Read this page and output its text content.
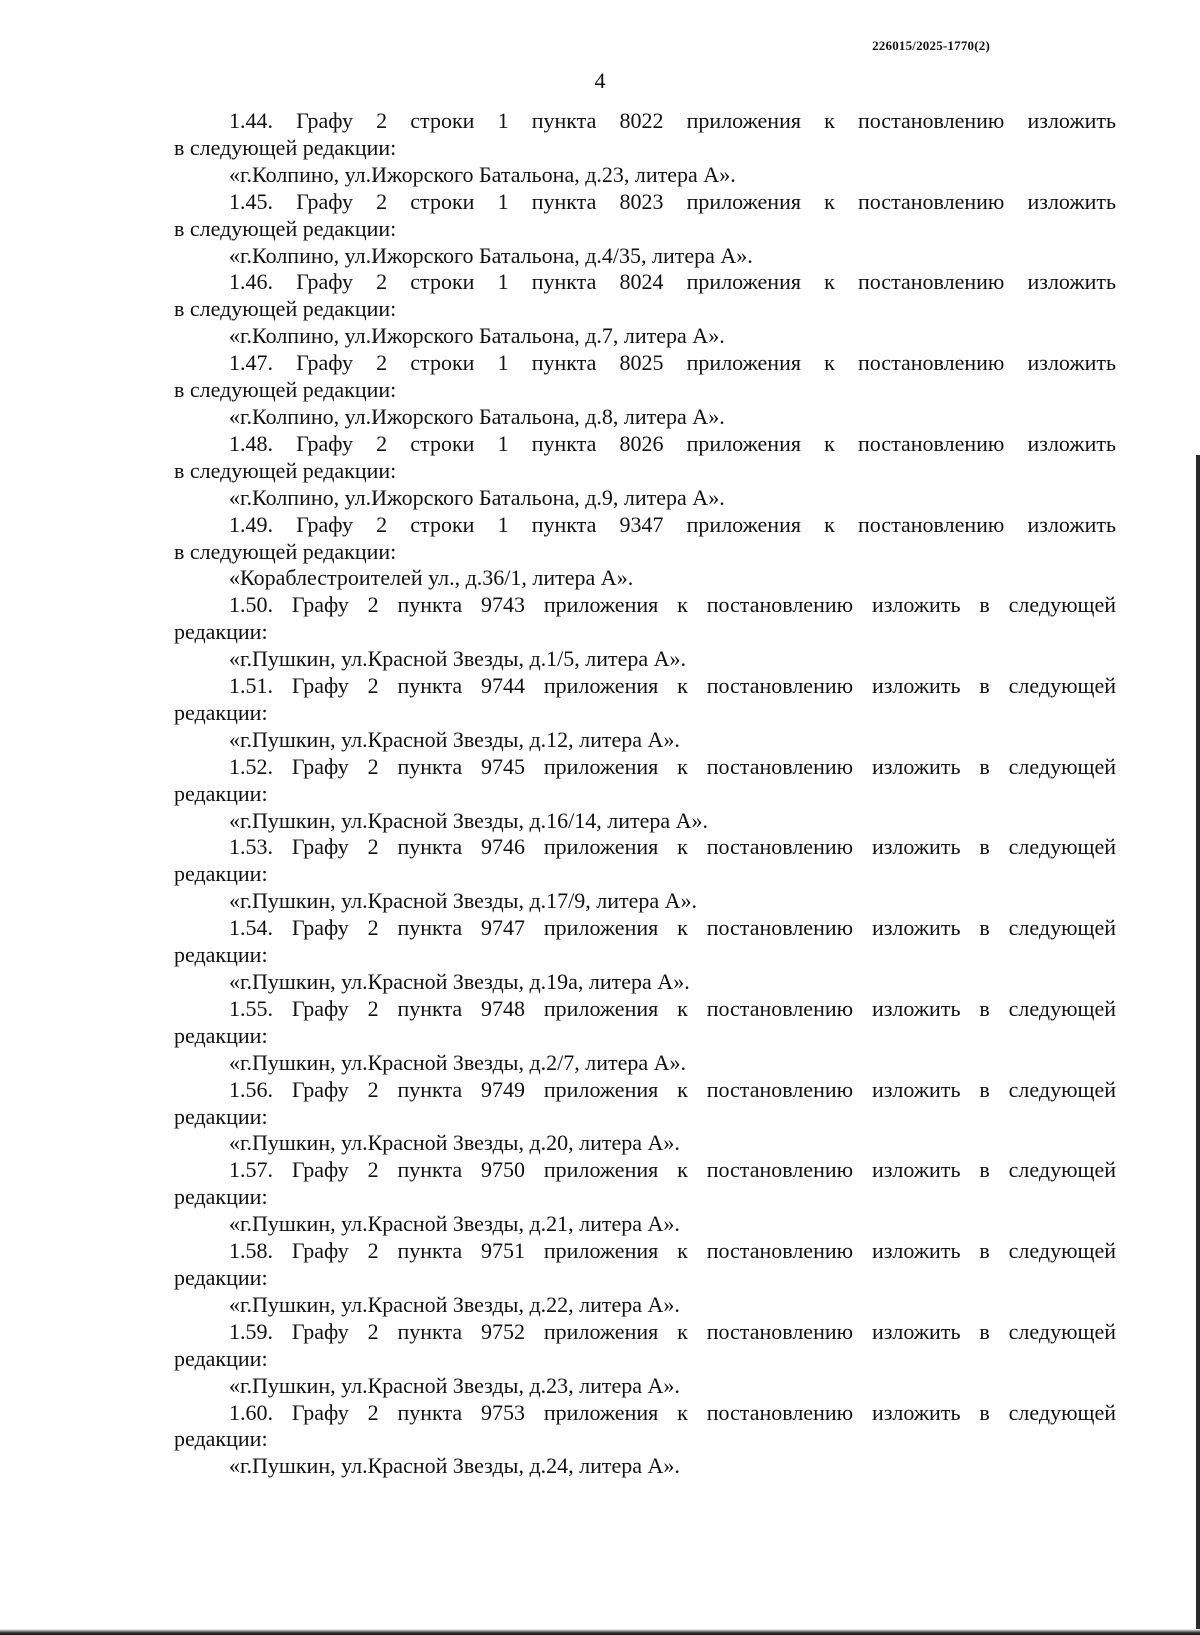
226015/2025-1770(2)
4
1.44. Графу 2 строки 1 пункта 8022 приложения к постановлению изложить
в следующей редакции:
«г.Колпино, ул.Ижорского Батальона, д.23, литера А».
1.45. Графу 2 строки 1 пункта 8023 приложения к постановлению изложить
в следующей редакции:
«г.Колпино, ул.Ижорского Батальона, д.4/35, литера А».
1.46. Графу 2 строки 1 пункта 8024 приложения к постановлению изложить
в следующей редакции:
«г.Колпино, ул.Ижорского Батальона, д.7, литера А».
1.47. Графу 2 строки 1 пункта 8025 приложения к постановлению изложить
в следующей редакции:
«г.Колпино, ул.Ижорского Батальона, д.8, литера А».
1.48. Графу 2 строки 1 пункта 8026 приложения к постановлению изложить
в следующей редакции:
«г.Колпино, ул.Ижорского Батальона, д.9, литера А».
1.49. Графу 2 строки 1 пункта 9347 приложения к постановлению изложить
в следующей редакции:
«Кораблестроителей ул., д.36/1, литера А».
1.50. Графу 2 пункта 9743 приложения к постановлению изложить в следующей
редакции:
«г.Пушкин, ул.Красной Звезды, д.1/5, литера А».
1.51. Графу 2 пункта 9744 приложения к постановлению изложить в следующей
редакции:
«г.Пушкин, ул.Красной Звезды, д.12, литера А».
1.52. Графу 2 пункта 9745 приложения к постановлению изложить в следующей
редакции:
«г.Пушкин, ул.Красной Звезды, д.16/14, литера А».
1.53. Графу 2 пункта 9746 приложения к постановлению изложить в следующей
редакции:
«г.Пушкин, ул.Красной Звезды, д.17/9, литера А».
1.54. Графу 2 пункта 9747 приложения к постановлению изложить в следующей
редакции:
«г.Пушкин, ул.Красной Звезды, д.19а, литера А».
1.55. Графу 2 пункта 9748 приложения к постановлению изложить в следующей
редакции:
«г.Пушкин, ул.Красной Звезды, д.2/7, литера А».
1.56. Графу 2 пункта 9749 приложения к постановлению изложить в следующей
редакции:
«г.Пушкин, ул.Красной Звезды, д.20, литера А».
1.57. Графу 2 пункта 9750 приложения к постановлению изложить в следующей
редакции:
«г.Пушкин, ул.Красной Звезды, д.21, литера А».
1.58. Графу 2 пункта 9751 приложения к постановлению изложить в следующей
редакции:
«г.Пушкин, ул.Красной Звезды, д.22, литера А».
1.59. Графу 2 пункта 9752 приложения к постановлению изложить в следующей
редакции:
«г.Пушкин, ул.Красной Звезды, д.23, литера А».
1.60. Графу 2 пункта 9753 приложения к постановлению изложить в следующей
редакции:
«г.Пушкин, ул.Красной Звезды, д.24, литера А».
